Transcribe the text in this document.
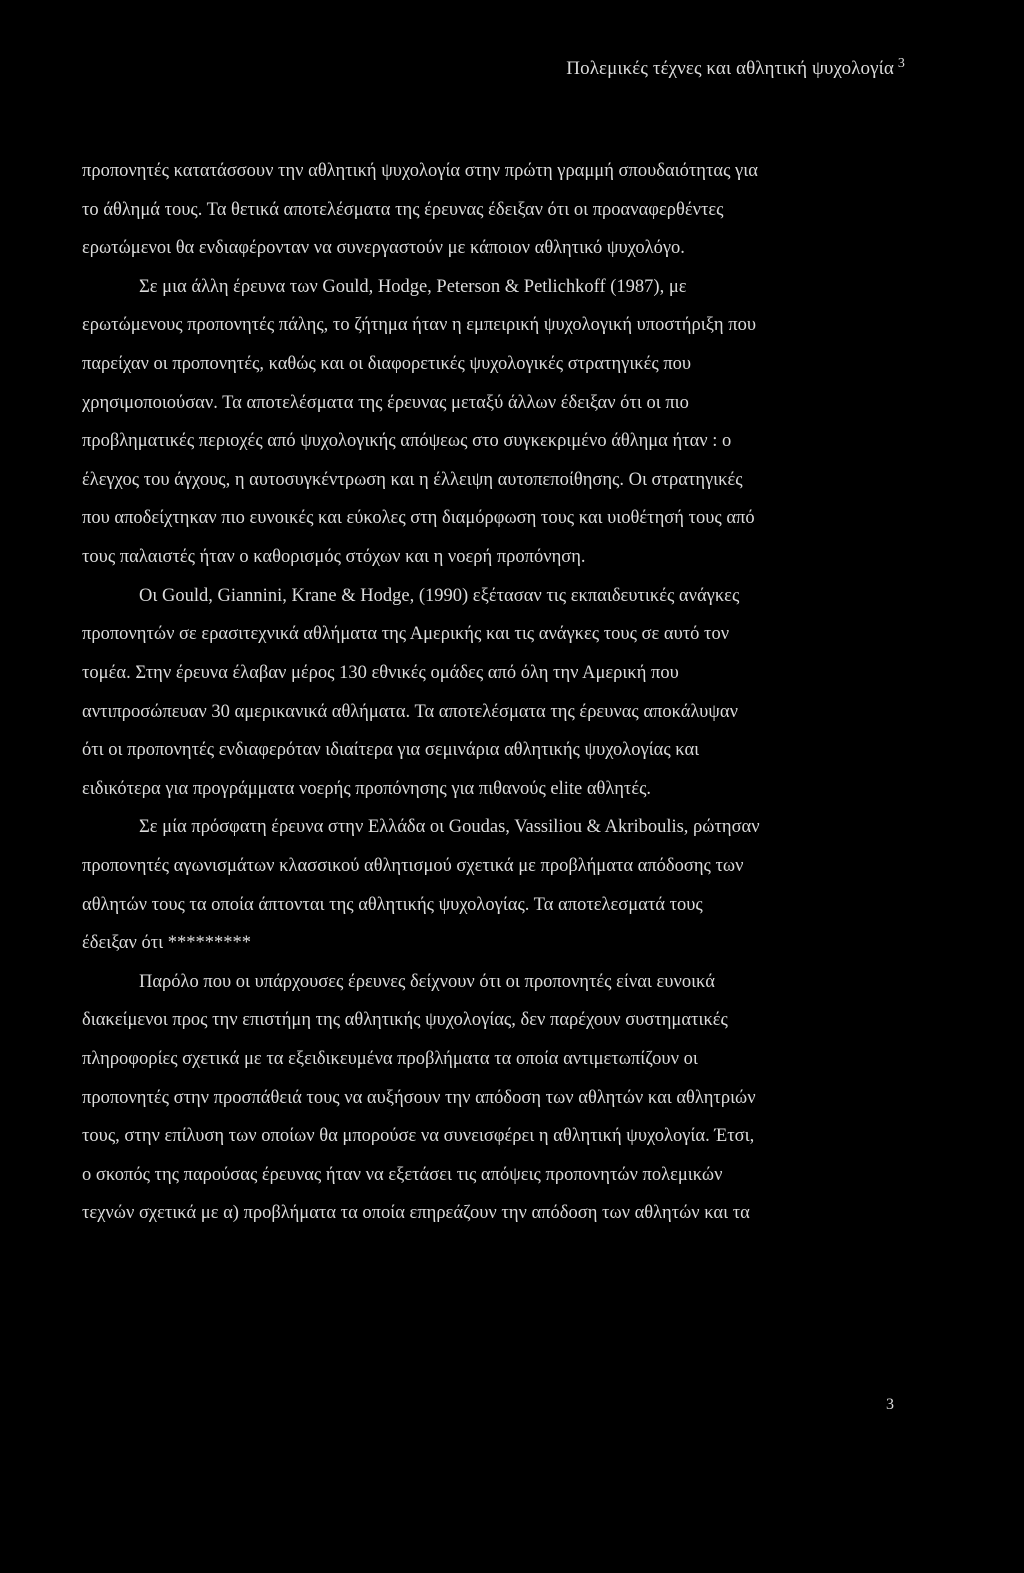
Πολεμικές τέχνες και αθλητική ψυχολογία $^3$
προπονητές κατατάσσουν την αθλητική ψυχολογία στην πρώτη γραμμή σπουδαιότητας για
το άθλημά τους. Τα θετικά αποτελέσματα της έρευνας έδειξαν ότι οι προαναφερθέντες
ερωτώμενοι θα ενδιαφέρονταν να συνεργαστούν με κάποιον αθλητικό ψυχολόγο.
Σε μια άλλη έρευνα των Gould, Hodge, Peterson & Petlichkoff (1987), με
ερωτώμενους προπονητές πάλης, το ζήτημα ήταν η εμπειρική ψυχολογική υποστήριξη που
παρείχαν οι προπονητές, καθώς και οι διαφορετικές ψυχολογικές στρατηγικές που
χρησιμοποιούσαν. Τα αποτελέσματα της έρευνας μεταξύ άλλων έδειξαν ότι οι πιο
προβληματικές περιοχές από ψυχολογικής απόψεως στο συγκεκριμένο άθλημα ήταν : ο
έλεγχος του άγχους, η αυτοσυγκέντρωση και η έλλειψη αυτοπεποίθησης. Οι στρατηγικές
που αποδείχτηκαν πιο ευνοικές και εύκολες στη διαμόρφωση τους και υιοθέτησή τους από
τους παλαιστές ήταν ο καθορισμός στόχων και η νοερή προπόνηση.
Οι Gould, Giannini, Krane & Hodge, (1990) εξέτασαν τις εκπαιδευτικές ανάγκες
προπονητών σε ερασιτεχνικά αθλήματα της Αμερικής και τις ανάγκες τους σε αυτό τον
τομέα. Στην έρευνα έλαβαν μέρος 130 εθνικές ομάδες από όλη την Αμερική που
αντιπροσώπευαν 30 αμερικανικά αθλήματα. Τα αποτελέσματα της έρευνας αποκάλυψαν
ότι οι προπονητές ενδιαφερόταν ιδιαίτερα για σεμινάρια αθλητικής ψυχολογίας και
ειδικότερα για προγράμματα νοερής προπόνησης για πιθανούς elite αθλητές.
Σε μία πρόσφατη έρευνα στην Ελλάδα οι Goudas, Vassiliou & Akriboulis, ρώτησαν
προπονητές αγωνισμάτων κλασσικού αθλητισμού σχετικά με προβλήματα απόδοσης των
αθλητών τους τα οποία άπτονται της αθλητικής ψυχολογίας. Τα αποτελεσματά τους
έδειξαν ότι *********
Παρόλο που οι υπάρχουσες έρευνες δείχνουν ότι οι προπονητές είναι ευνοικά
διακείμενοι προς την επιστήμη της αθλητικής ψυχολογίας, δεν παρέχουν συστηματικές
πληροφορίες σχετικά με τα εξειδικευμένα προβλήματα τα οποία αντιμετωπίζουν οι
προπονητές στην προσπάθειά τους να αυξήσουν την απόδοση των αθλητών και αθλητριών
τους, στην επίλυση των οποίων θα μπορούσε να συνεισφέρει η αθλητική ψυχολογία. Έτσι,
ο σκοπός της παρούσας έρευνας ήταν να εξετάσει τις απόψεις προπονητών πολεμικών
τεχνών σχετικά με α) προβλήματα τα οποία επηρεάζουν την απόδοση των αθλητών και τα
3
